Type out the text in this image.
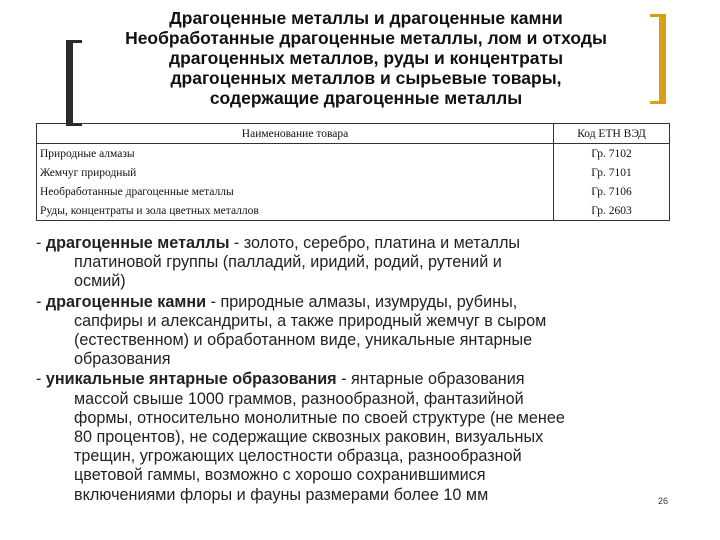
Драгоценные металлы и драгоценные камни
Необработанные драгоценные металлы, лом и отходы
драгоценных металлов, руды и концентраты
драгоценных металлов и сырьевые товары,
содержащие драгоценные металлы
Наименование товара	Код ЕТН ВЭД
Природные алмазы	Гр. 7102
Жемчуг природный	Гр. 7101
Необработанные драгоценные металлы	Гр. 7106
Руды, концентраты и зола цветных металлов	Гр. 2603
- драгоценные металлы - золото, серебро, платина и металлы
платиновой группы (палладий, иридий, родий, рутений и
осмий)
- драгоценные камни - природные алмазы, изумруды, рубины,
сапфиры и александриты, а также природный жемчуг в сыром
(естественном) и обработанном виде, уникальные янтарные
образования
- уникальные янтарные образования - янтарные образования
массой свыше 1000 граммов, разнообразной, фантазийной
формы, относительно монолитные по своей структуре (не менее
80 процентов), не содержащие сквозных раковин, визуальных
трещин, угрожающих целостности образца, разнообразной
цветовой гаммы, возможно с хорошо сохранившимися
включениями флоры и фауны размерами более 10 мм	26
